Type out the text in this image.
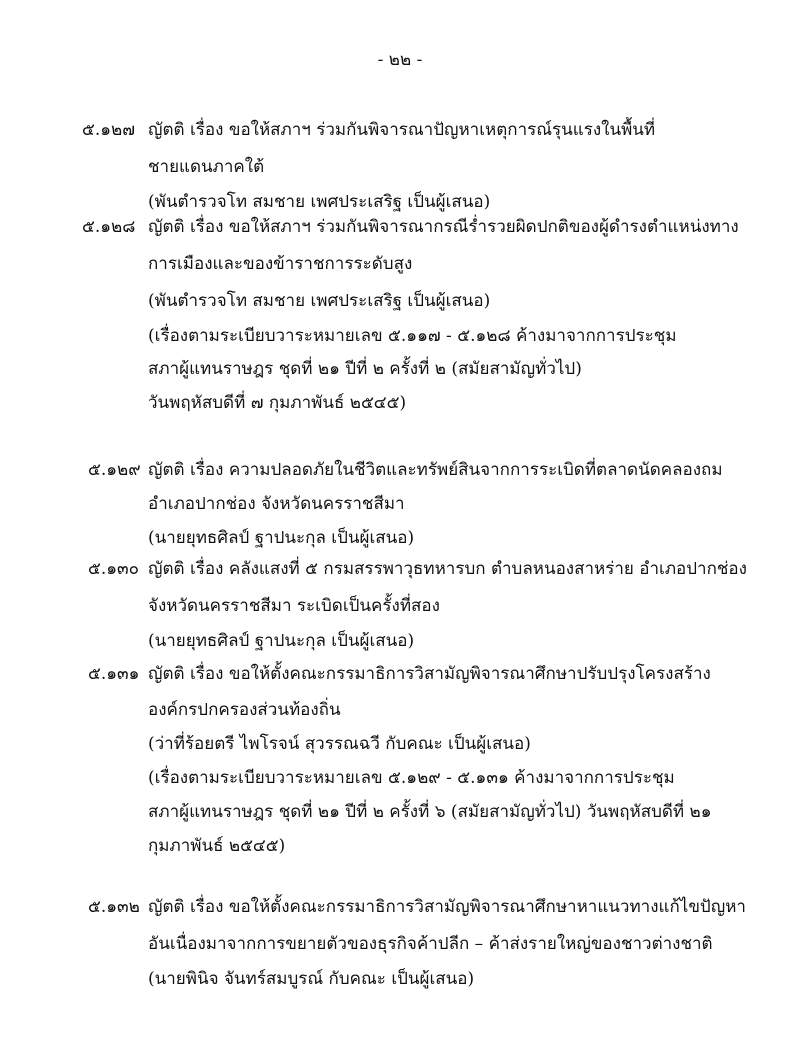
- ๒๒ -
๕.๑๒๗ ญัตติ เรื่อง ขอให้สภาฯ ร่วมกันพิจารณาปัญหาเหตุการณ์รุนแรงในพื้นที่
ชายแดนภาคใต้
(พันตำรวจโท สมชาย เพศประเสริฐ เป็นผู้เสนอ)
๕.๑๒๘ ญัตติ เรื่อง ขอให้สภาฯ ร่วมกันพิจารณากรณีร่ำรวยผิดปกติของผู้ดำรงตำแหน่งทาง
การเมืองและของข้าราชการระดับสูง
(พันตำรวจโท สมชาย เพศประเสริฐ เป็นผู้เสนอ)
(เรื่องตามระเบียบวาระหมายเลข ๕.๑๑๗ - ๕.๑๒๘ ค้างมาจากการประชุม
สภาผู้แทนราษฎร ชุดที่ ๒๑ ปีที่ ๒ ครั้งที่ ๒ (สมัยสามัญทั่วไป)
วันพฤหัสบดีที่ ๗ กุมภาพันธ์ ๒๕๔๕)
๕.๑๒๙ ญัตติ เรื่อง ความปลอดภัยในชีวิตและทรัพย์สินจากการระเบิดที่ตลาดนัดคลองถม
อำเภอปากช่อง จังหวัดนครราชสีมา
(นายยุทธศิลป์ ฐาปนะกุล เป็นผู้เสนอ)
๕.๑๓๐ ญัตติ เรื่อง คลังแสงที่ ๕ กรมสรรพาวุธทหารบก ตำบลหนองสาหร่าย อำเภอปากช่อง
จังหวัดนครราชสีมา ระเบิดเป็นครั้งที่สอง
(นายยุทธศิลป์ ฐาปนะกุล เป็นผู้เสนอ)
๕.๑๓๑ ญัตติ เรื่อง ขอให้ตั้งคณะกรรมาธิการวิสามัญพิจารณาศึกษาปรับปรุงโครงสร้าง
องค์กรปกครองส่วนท้องถิ่น
(ว่าที่ร้อยตรี ไพโรจน์ สุวรรณฉวี กับคณะ เป็นผู้เสนอ)
(เรื่องตามระเบียบวาระหมายเลข ๕.๑๒๙ - ๕.๑๓๑ ค้างมาจากการประชุม
สภาผู้แทนราษฎร ชุดที่ ๒๑ ปีที่ ๒ ครั้งที่ ๖ (สมัยสามัญทั่วไป) วันพฤหัสบดีที่ ๒๑
กุมภาพันธ์ ๒๕๔๕)
๕.๑๓๒ ญัตติ เรื่อง ขอให้ตั้งคณะกรรมาธิการวิสามัญพิจารณาศึกษาหาแนวทางแก้ไขปัญหา
อันเนื่องมาจากการขยายตัวของธุรกิจค้าปลีก – ค้าส่งรายใหญ่ของชาวต่างชาติ
(นายพินิจ จันทร์สมบูรณ์ กับคณะ เป็นผู้เสนอ)
